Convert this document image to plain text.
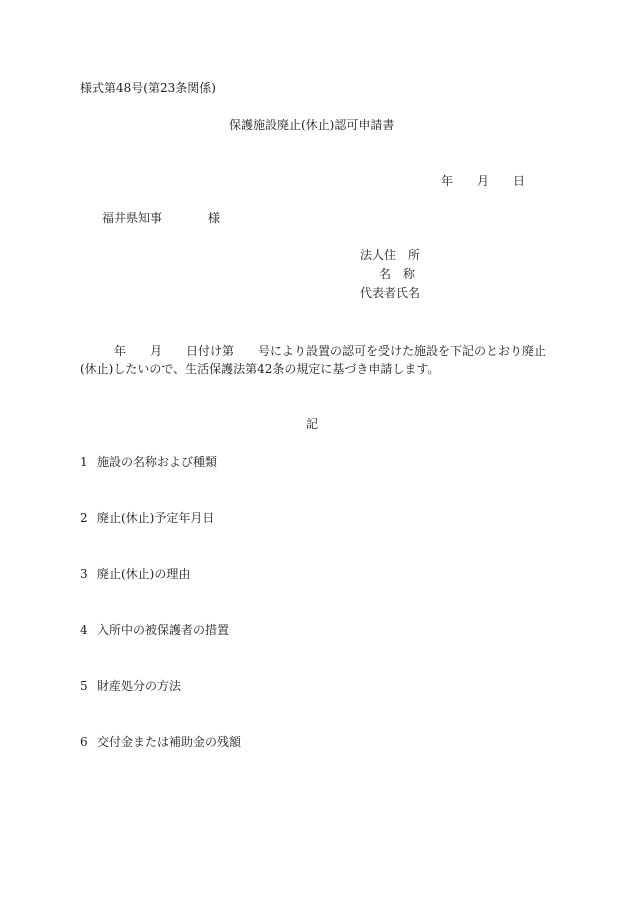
様式第48号(第23条関係)
保護施設廃止(休止)認可申請書
年 月 日
福井県知事	様
法人住　所
名　称
代表者氏名
年　　月　　日付け第　　号により設置の認可を受けた施設を下記のとおり廃止
(休止)したいので、生活保護法第42条の規定に基づき申請します。
記
1 施設の名称および種類
2 廃止(休止)予定年月日
3 廃止(休止)の理由
4 入所中の被保護者の措置
5 財産処分の方法
6 交付金または補助金の残額
